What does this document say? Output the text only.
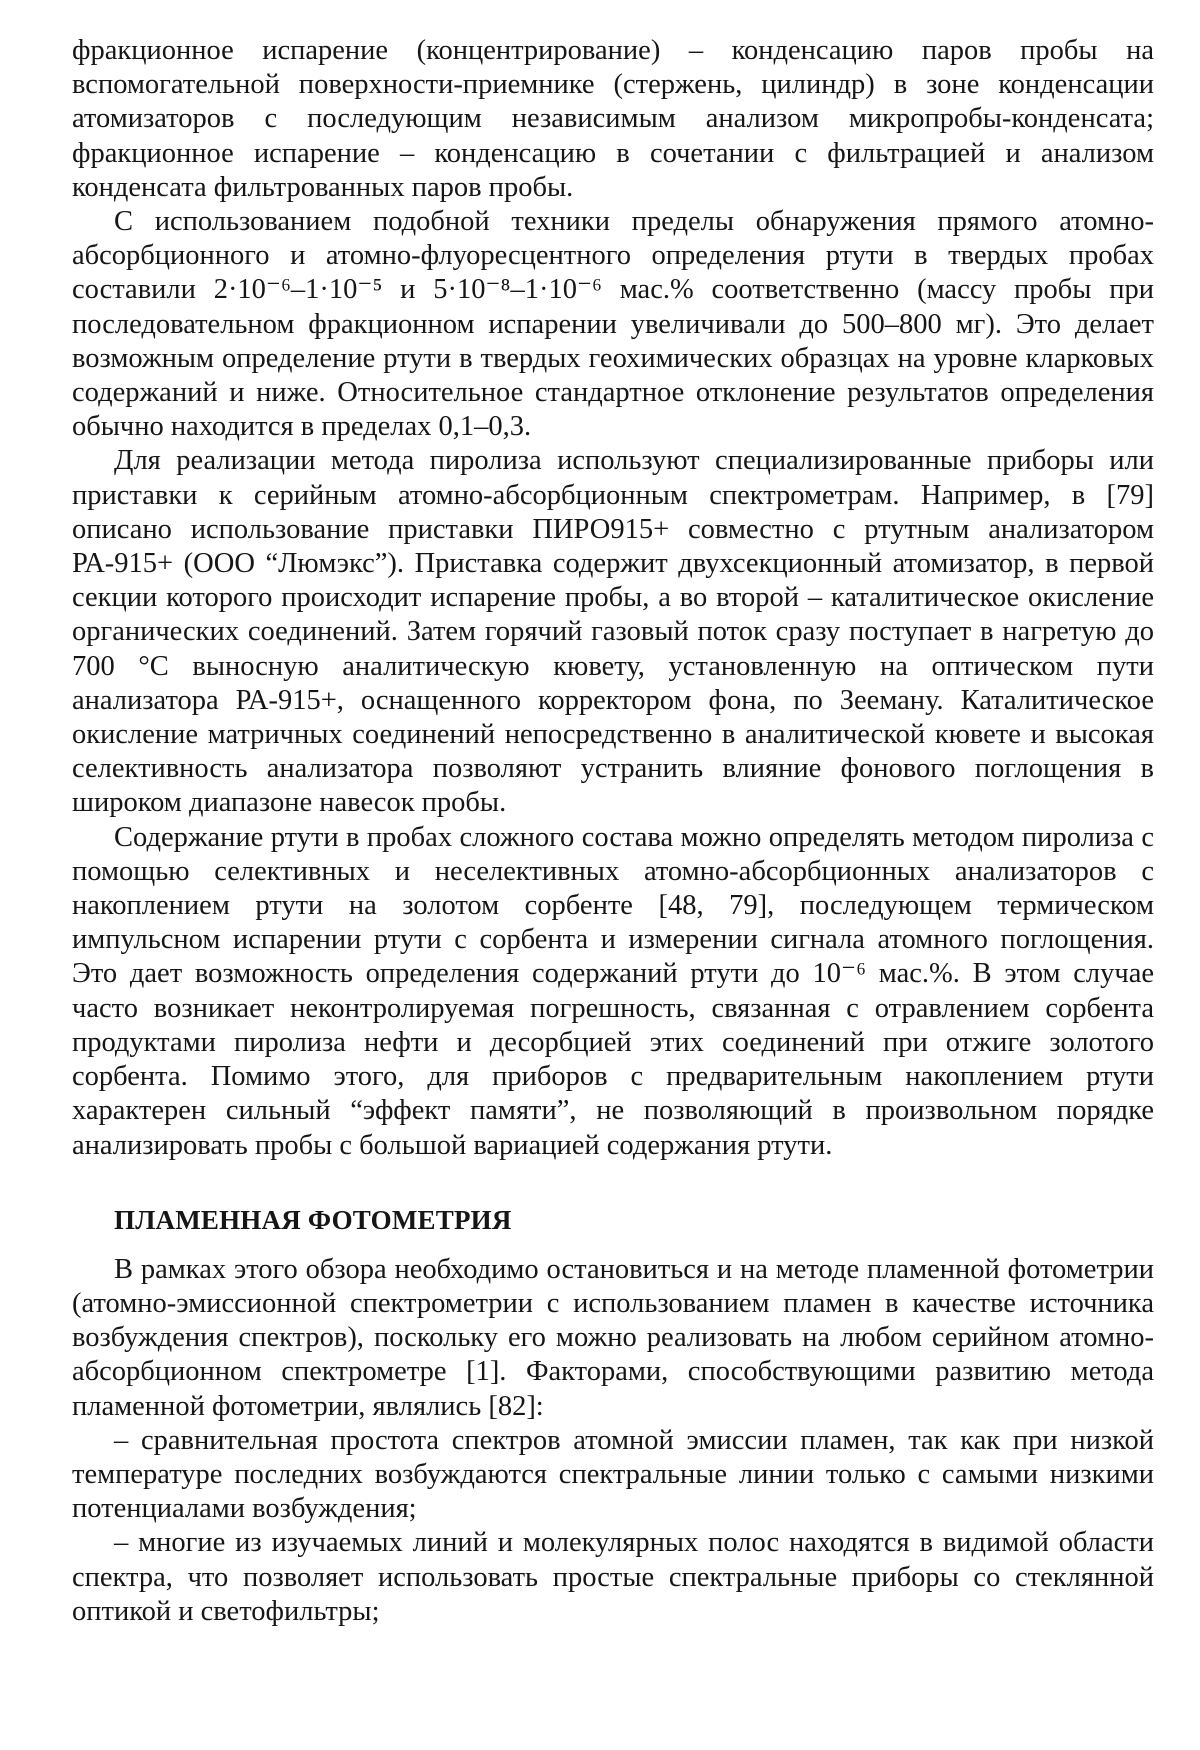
фракционное испарение (концентрирование) – конденсацию паров пробы на вспомогательной поверхности-приемнике (стержень, цилиндр) в зоне конденсации атомизаторов с последующим независимым анализом микропробы-конденсата; фракционное испарение – конденсацию в сочетании с фильтрацией и анализом конденсата фильтрованных паров пробы.

С использованием подобной техники пределы обнаружения прямого атомно-абсорбционного и атомно-флуоресцентного определения ртути в твердых пробах составили 2·10⁻⁶–1·10⁻⁵ и 5·10⁻⁸–1·10⁻⁶ мас.% соответственно (массу пробы при последовательном фракционном испарении увеличивали до 500–800 мг). Это делает возможным определение ртути в твердых геохимических образцах на уровне кларковых содержаний и ниже. Относительное стандартное отклонение результатов определения обычно находится в пределах 0,1–0,3.

Для реализации метода пиролиза используют специализированные приборы или приставки к серийным атомно-абсорбционным спектрометрам. Например, в [79] описано использование приставки ПИРО915+ совместно с ртутным анализатором РА-915+ (ООО “Люмэкс”). Приставка содержит двухсекционный атомизатор, в первой секции которого происходит испарение пробы, а во второй – каталитическое окисление органических соединений. Затем горячий газовый поток сразу поступает в нагретую до 700 °С выносную аналитическую кювету, установленную на оптическом пути анализатора РА-915+, оснащенного корректором фона, по Зееману. Каталитическое окисление матричных соединений непосредственно в аналитической кювете и высокая селективность анализатора позволяют устранить влияние фонового поглощения в широком диапазоне навесок пробы.

Содержание ртути в пробах сложного состава можно определять методом пиролиза с помощью селективных и неселективных атомно-абсорбционных анализаторов с накоплением ртути на золотом сорбенте [48, 79], последующем термическом импульсном испарении ртути с сорбента и измерении сигнала атомного поглощения. Это дает возможность определения содержаний ртути до 10⁻⁶ мас.%. В этом случае часто возникает неконтролируемая погрешность, связанная с отравлением сорбента продуктами пиролиза нефти и десорбцией этих соединений при отжиге золотого сорбента. Помимо этого, для приборов с предварительным накоплением ртути характерен сильный “эффект памяти”, не позволяющий в произвольном порядке анализировать пробы с большой вариацией содержания ртути.

ПЛАМЕННАЯ ФОТОМЕТРИЯ

В рамках этого обзора необходимо остановиться и на методе пламенной фотометрии (атомно-эмиссионной спектрометрии с использованием пламен в качестве источника возбуждения спектров), поскольку его можно реализовать на любом серийном атомно-абсорбционном спектрометре [1]. Факторами, способствующими развитию метода пламенной фотометрии, являлись [82]:

– сравнительная простота спектров атомной эмиссии пламен, так как при низкой температуре последних возбуждаются спектральные линии только с самыми низкими потенциалами возбуждения;

– многие из изучаемых линий и молекулярных полос находятся в видимой области спектра, что позволяет использовать простые спектральные приборы со стеклянной оптикой и светофильтры;
